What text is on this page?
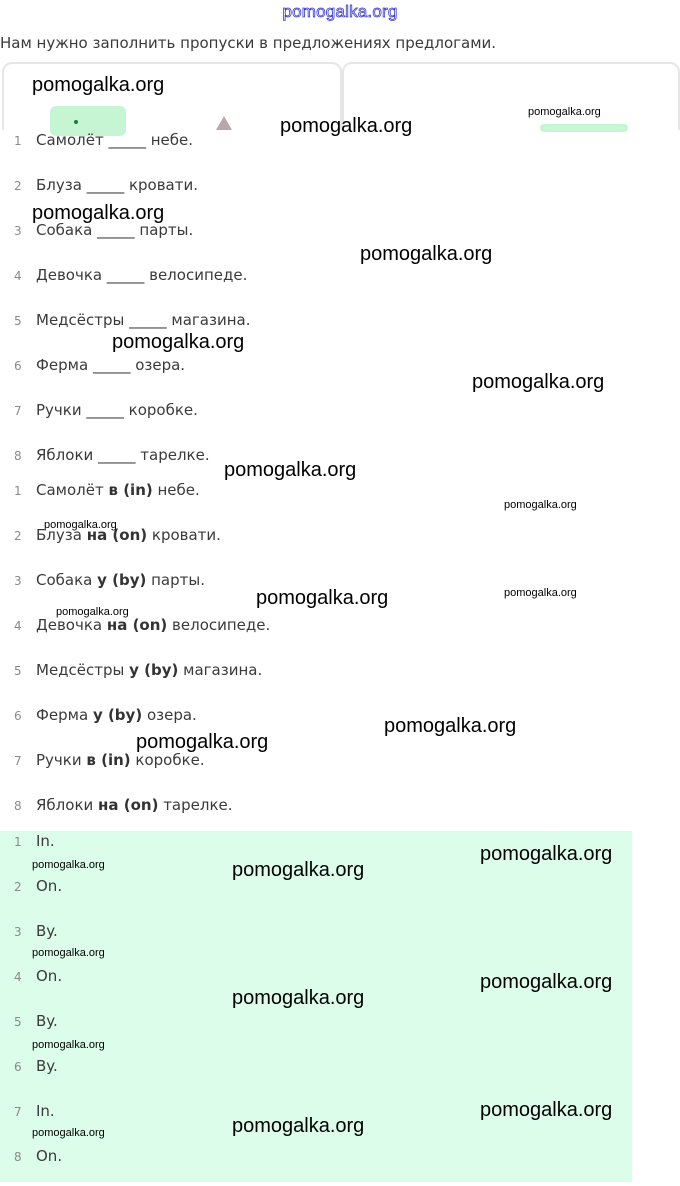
pomogalka.org
Нам нужно заполнить пропуски в предложениях предлогами.
1 Самолёт _____ небе.
2 Блуза _____ кровати.
3 Собака _____ парты.
4 Девочка _____ велосипеде.
5 Медсёстры _____ магазина.
6 Ферма _____ озера.
7 Ручки _____ коробке.
8 Яблоки _____ тарелке.
1 Самолёт в (in) небе.
2 Блуза на (on) кровати.
3 Собака у (by) парты.
4 Девочка на (on) велосипеде.
5 Медсёстры у (by) магазина.
6 Ферма у (by) озера.
7 Ручки в (in) коробке.
8 Яблоки на (on) тарелке.
1 In.
2 On.
3 By.
4 On.
5 By.
6 By.
7 In.
8 On.
pomogalka.org
pomogalka.org
pomogalka.org
pomogalka.org
pomogalka.org
pomogalka.org
pomogalka.org
pomogalka.org
pomogalka.org
pomogalka.org
pomogalka.org	pomogalka.org
pomogalka.org
pomogalka.org
pomogalka.org
pomogalka.org
pomogalka.org	pomogalka.org
pomogalka.org
pomogalka.org
pomogalka.org
pomogalka.org
pomogalka.org
pomogalka.org	pomogalka.org
